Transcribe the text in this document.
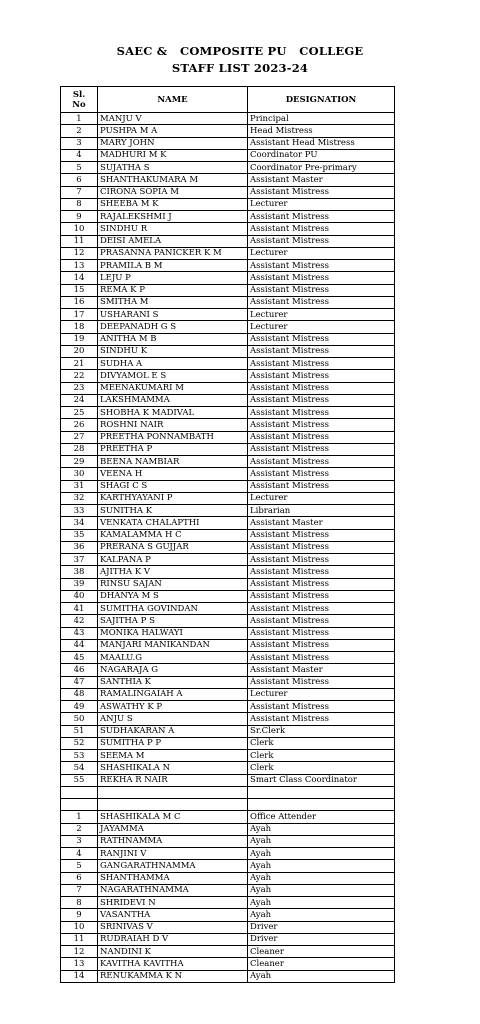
SAEC &   COMPOSITE PU   COLLEGE
STAFF LIST 2023-24
Sl.
No	NAME	DESIGNATION
1	MANJU V	Principal
2	PUSHPA M A	Head Mistress
3	MARY JOHN	Assistant Head Mistress
4	MADHURI M K	Coordinator PU
5	SUJATHA S	Coordinator Pre-primary
6	SHANTHAKUMARA M	Assistant Master
7	CIRONA SOPIA M	Assistant Mistress
8	SHEEBA M K	Lecturer
9	RAJALEKSHMI J	Assistant Mistress
10	SINDHU R	Assistant Mistress
11	DEISI AMELA	Assistant Mistress
12	PRASANNA PANICKER K M	Lecturer
13	PRAMILA B M	Assistant Mistress
14	LEJU P	Assistant Mistress
15	REMA K P	Assistant Mistress
16	SMITHA M	Assistant Mistress
17	USHARANI S	Lecturer
18	DEEPANADH G S	Lecturer
19	ANITHA M B	Assistant Mistress
20	SINDHU K	Assistant Mistress
21	SUDHA A	Assistant Mistress
22	DIVYAMOL E S	Assistant Mistress
23	MEENAKUMARI M	Assistant Mistress
24	LAKSHMAMMA	Assistant Mistress
25	SHOBHA K MADIVAL	Assistant Mistress
26	ROSHNI NAIR	Assistant Mistress
27	PREETHA PONNAMBATH	Assistant Mistress
28	PREETHA P	Assistant Mistress
29	BEENA NAMBIAR	Assistant Mistress
30	VEENA H	Assistant Mistress
31	SHAGI C S	Assistant Mistress
32	KARTHYAYANI P	Lecturer
33	SUNITHA K	Librarian
34	VENKATA CHALAPTHI	Assistant Master
35	KAMALAMMA H C	Assistant Mistress
36	PRERANA S GUJJAR	Assistant Mistress
37	KALPANA P	Assistant Mistress
38	AJITHA K V	Assistant Mistress
39	RINSU SAJAN	Assistant Mistress
40	DHANYA M S	Assistant Mistress
41	SUMITHA GOVINDAN	Assistant Mistress
42	SAJITHA P S	Assistant Mistress
43	MONIKA HALWAYI	Assistant Mistress
44	MANJARI MANIKANDAN	Assistant Mistress
45	MAALU.G	Assistant Mistress
46	NAGARAJA G	Assistant Master
47	SANTHIA K	Assistant Mistress
48	RAMALINGAIAH A	Lecturer
49	ASWATHY K P	Assistant Mistress
50	ANJU S	Assistant Mistress
51	SUDHAKARAN A	Sr.Clerk
52	SUMITHA P P	Clerk
53	SEEMA M	Clerk
54	SHASHIKALA N	Clerk
55	REKHA R NAIR	Smart Class Coordinator

1	SHASHIKALA M C	Office Attender
2	JAYAMMA	Ayah
3	RATHNAMMA	Ayah
4	RANJINI V	Ayah
5	GANGARATHNAMMA	Ayah
6	SHANTHAMMA	Ayah
7	NAGARATHNAMMA	Ayah
8	SHRIDEVI N	Ayah
9	VASANTHA	Ayah
10	SRINIVAS V	Driver
11	RUDRAIAH D V	Driver
12	NANDINI K	Cleaner
13	KAVITHA KAVITHA	Cleaner
14	RENUKAMMA K N	Ayah
